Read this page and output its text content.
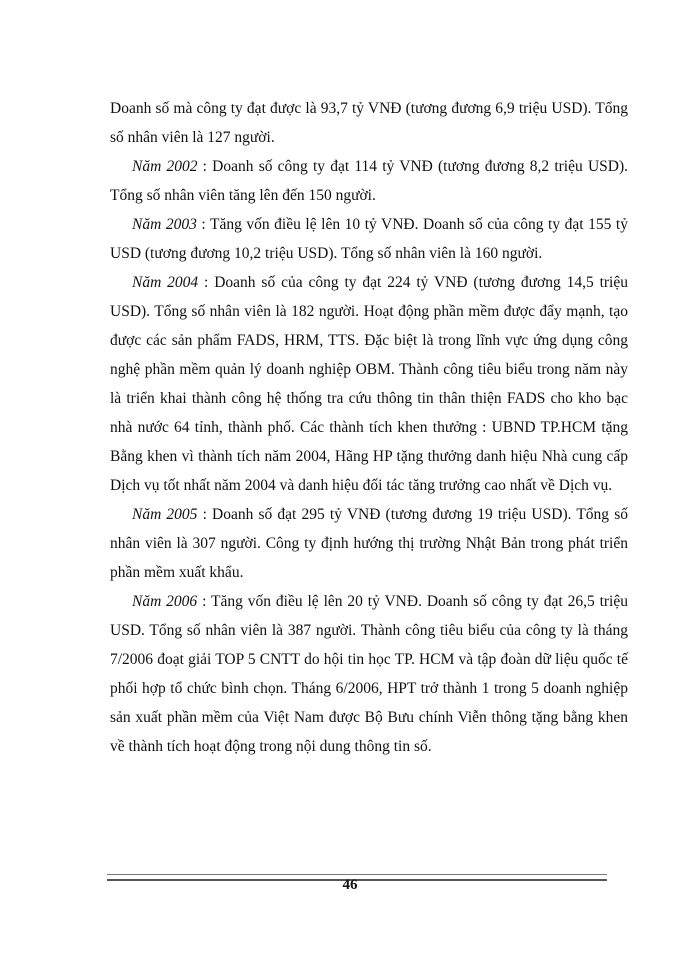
Doanh số mà công ty đạt được là 93,7 tỷ VNĐ (tương đương 6,9 triệu USD). Tổng số nhân viên là 127 người.

Năm 2002 : Doanh số công ty đạt 114 tỷ VNĐ (tương đương 8,2 triệu USD). Tổng số nhân viên tăng lên đến 150 người.

Năm 2003 : Tăng vốn điều lệ lên 10 tỷ VNĐ. Doanh số của công ty đạt 155 tỷ USD (tương đương 10,2 triệu USD). Tổng số nhân viên là 160 người.

Năm 2004 : Doanh số của công ty đạt 224 tỷ VNĐ (tương đương 14,5 triệu USD). Tổng số nhân viên là 182 người. Hoạt động phần mềm được đẩy mạnh, tạo được các sản phẩm FADS, HRM, TTS. Đặc biệt là trong lĩnh vực ứng dụng công nghệ phần mềm quản lý doanh nghiệp OBM. Thành công tiêu biểu trong năm này là triển khai thành công hệ thống tra cứu thông tin thân thiện FADS cho kho bạc nhà nước 64 tỉnh, thành phố. Các thành tích khen thưởng : UBND TP.HCM tặng Bằng khen vì thành tích năm 2004, Hãng HP tặng thưởng danh hiệu Nhà cung cấp Dịch vụ tốt nhất năm 2004 và danh hiệu đối tác tăng trưởng cao nhất về Dịch vụ.

Năm 2005 : Doanh số đạt 295 tỷ VNĐ (tương đương 19 triệu USD). Tổng số nhân viên là 307 người. Công ty định hướng thị trường Nhật Bản trong phát triển phần mềm xuất khẩu.

Năm 2006 : Tăng vốn điều lệ lên 20 tỷ VNĐ. Doanh số công ty đạt 26,5 triệu USD. Tổng số nhân viên là 387 người. Thành công tiêu biểu của công ty là tháng 7/2006 đoạt giải TOP 5 CNTT do hội tin học TP. HCM và tập đoàn dữ liệu quốc tế phối hợp tổ chức bình chọn. Tháng 6/2006, HPT trở thành 1 trong 5 doanh nghiệp sản xuất phần mềm của Việt Nam được Bộ Bưu chính Viễn thông tặng bằng khen về thành tích hoạt động trong nội dung thông tin số.

46
